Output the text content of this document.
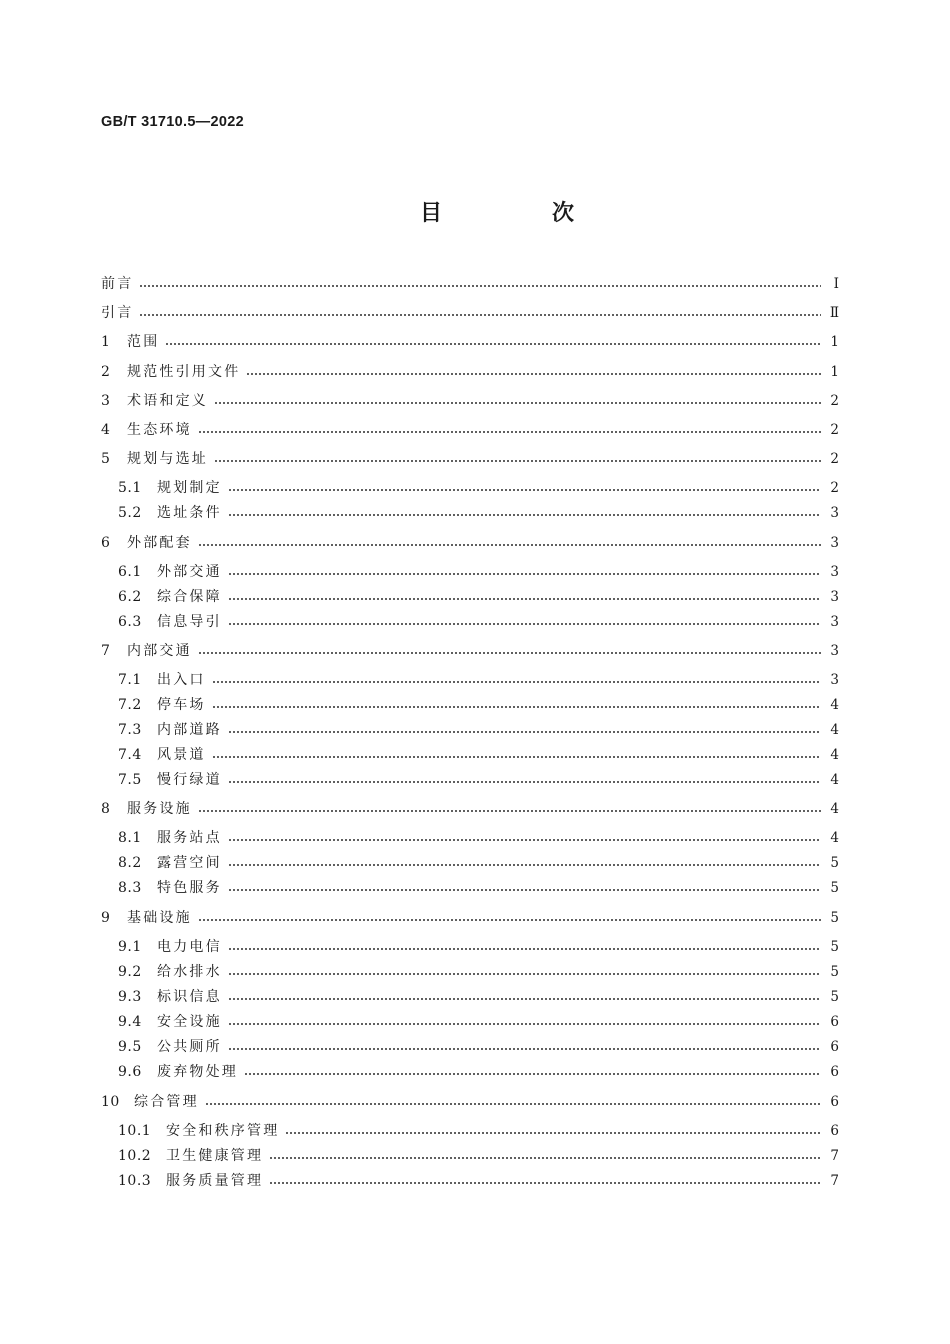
GB/T 31710.5—2022
目　次
前言	Ⅰ
引言	Ⅱ
1	范围	1
2	规范性引用文件	1
3	术语和定义	2
4	生态环境	2
5	规划与选址	2
5.1	规划制定	2
5.2	选址条件	3
6	外部配套	3
6.1	外部交通	3
6.2	综合保障	3
6.3	信息导引	3
7	内部交通	3
7.1	出入口	3
7.2	停车场	4
7.3	内部道路	4
7.4	风景道	4
7.5	慢行绿道	4
8	服务设施	4
8.1	服务站点	4
8.2	露营空间	5
8.3	特色服务	5
9	基础设施	5
9.1	电力电信	5
9.2	给水排水	5
9.3	标识信息	5
9.4	安全设施	6
9.5	公共厕所	6
9.6	废弃物处理	6
10	综合管理	6
10.1	安全和秩序管理	6
10.2	卫生健康管理	7
10.3	服务质量管理	7
